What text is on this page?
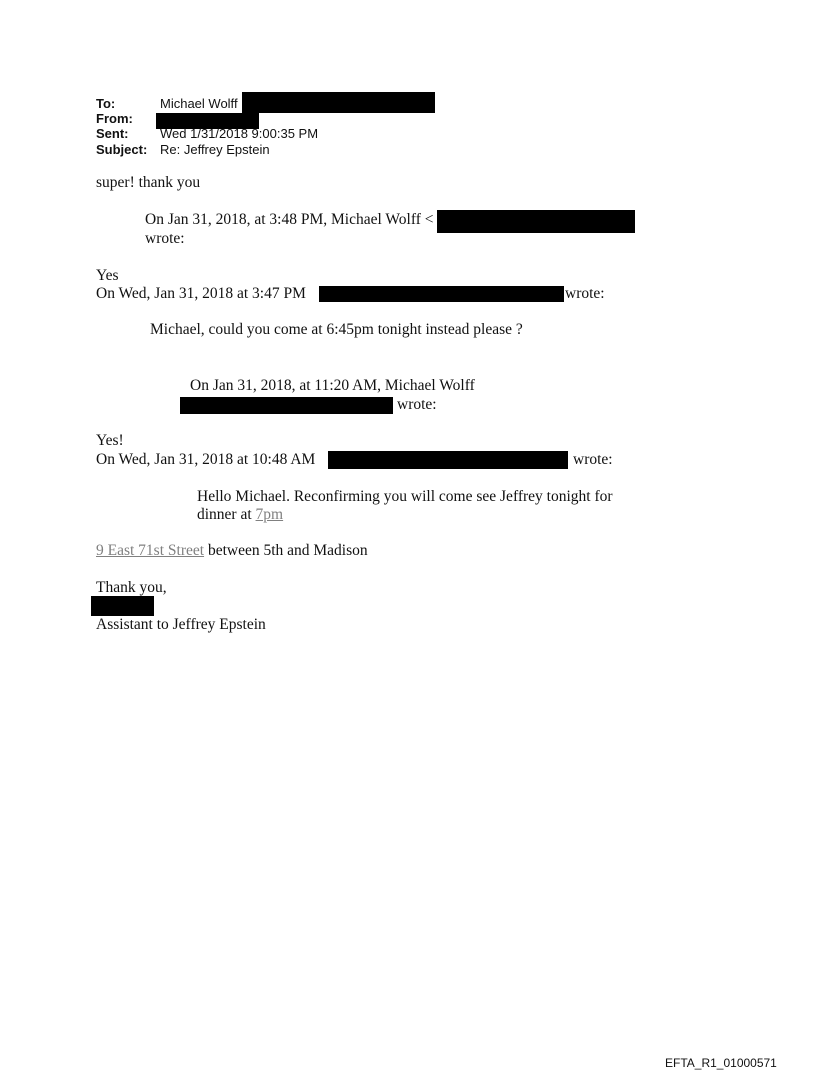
To:	Michael Wolff
From:
Sent: Wed 1/31/2018 9:00:35 PM
Subject: Re: Jeffrey Epstein
super! thank you
On Jan 31, 2018, at 3:48 PM, Michael Wolff <
wrote:
Yes
On Wed, Jan 31, 2018 at 3:47 PM	wrote:
Michael, could you come at 6:45pm tonight instead please ?
On Jan 31, 2018, at 11:20 AM, Michael Wolff
wrote:
Yes!
On Wed, Jan 31, 2018 at 10:48 AM	wrote:
Hello Michael. Reconfirming you will come see Jeffrey tonight for
dinner at 7pm
9 East 71st Street between 5th and Madison
Thank you,
Assistant to Jeffrey Epstein
EFTA_R1_01000571
